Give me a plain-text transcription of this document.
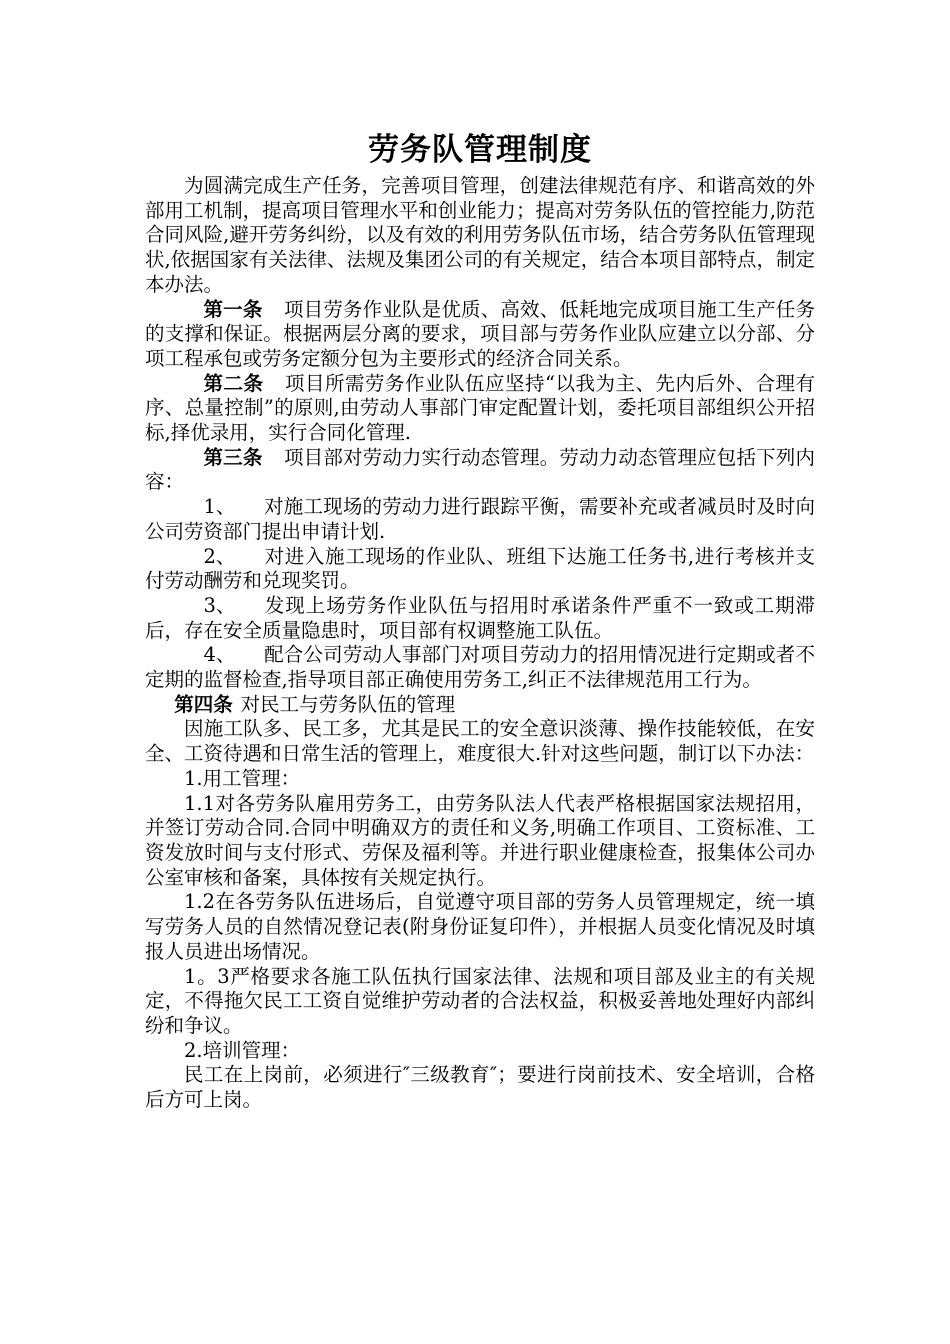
劳务队管理制度

为圆满完成生产任务，完善项目管理，创建法律规范有序、和谐高效的外部用工机制，提高项目管理水平和创业能力；提高对劳务队伍的管控能力,防范合同风险,避开劳务纠纷，以及有效的利用劳务队伍市场，结合劳务队伍管理现状,依据国家有关法律、法规及集团公司的有关规定，结合本项目部特点，制定本办法。

第一条 项目劳务作业队是优质、高效、低耗地完成项目施工生产任务的支撑和保证。根据两层分离的要求，项目部与劳务作业队应建立以分部、分项工程承包或劳务定额分包为主要形式的经济合同关系。

第二条 项目所需劳务作业队伍应坚持“以我为主、先内后外、合理有序、总量控制”的原则,由劳动人事部门审定配置计划，委托项目部组织公开招标,择优录用，实行合同化管理.

第三条 项目部对劳动力实行动态管理。劳动力动态管理应包括下列内容：

1、 对施工现场的劳动力进行跟踪平衡，需要补充或者减员时及时向公司劳资部门提出申请计划.

2、 对进入施工现场的作业队、班组下达施工任务书,进行考核并支付劳动酬劳和兑现奖罚。

3、 发现上场劳务作业队伍与招用时承诺条件严重不一致或工期滞后，存在安全质量隐患时，项目部有权调整施工队伍。

4、 配合公司劳动人事部门对项目劳动力的招用情况进行定期或者不定期的监督检查,指导项目部正确使用劳务工,纠正不法律规范用工行为。

第四条 对民工与劳务队伍的管理

因施工队多、民工多，尤其是民工的安全意识淡薄、操作技能较低，在安全、工资待遇和日常生活的管理上，难度很大.针对这些问题，制订以下办法：

1.用工管理：

1.1对各劳务队雇用劳务工，由劳务队法人代表严格根据国家法规招用，并签订劳动合同.合同中明确双方的责任和义务,明确工作项目、工资标准、工资发放时间与支付形式、劳保及福利等。并进行职业健康检查，报集体公司办公室审核和备案，具体按有关规定执行。

1.2在各劳务队伍进场后，自觉遵守项目部的劳务人员管理规定，统一填写劳务人员的自然情况登记表(附身份证复印件），并根据人员变化情况及时填报人员进出场情况。

1。3严格要求各施工队伍执行国家法律、法规和项目部及业主的有关规定，不得拖欠民工工资自觉维护劳动者的合法权益，积极妥善地处理好内部纠纷和争议。

2.培训管理：

民工在上岗前，必须进行″三级教育″；要进行岗前技术、安全培训，合格后方可上岗。
